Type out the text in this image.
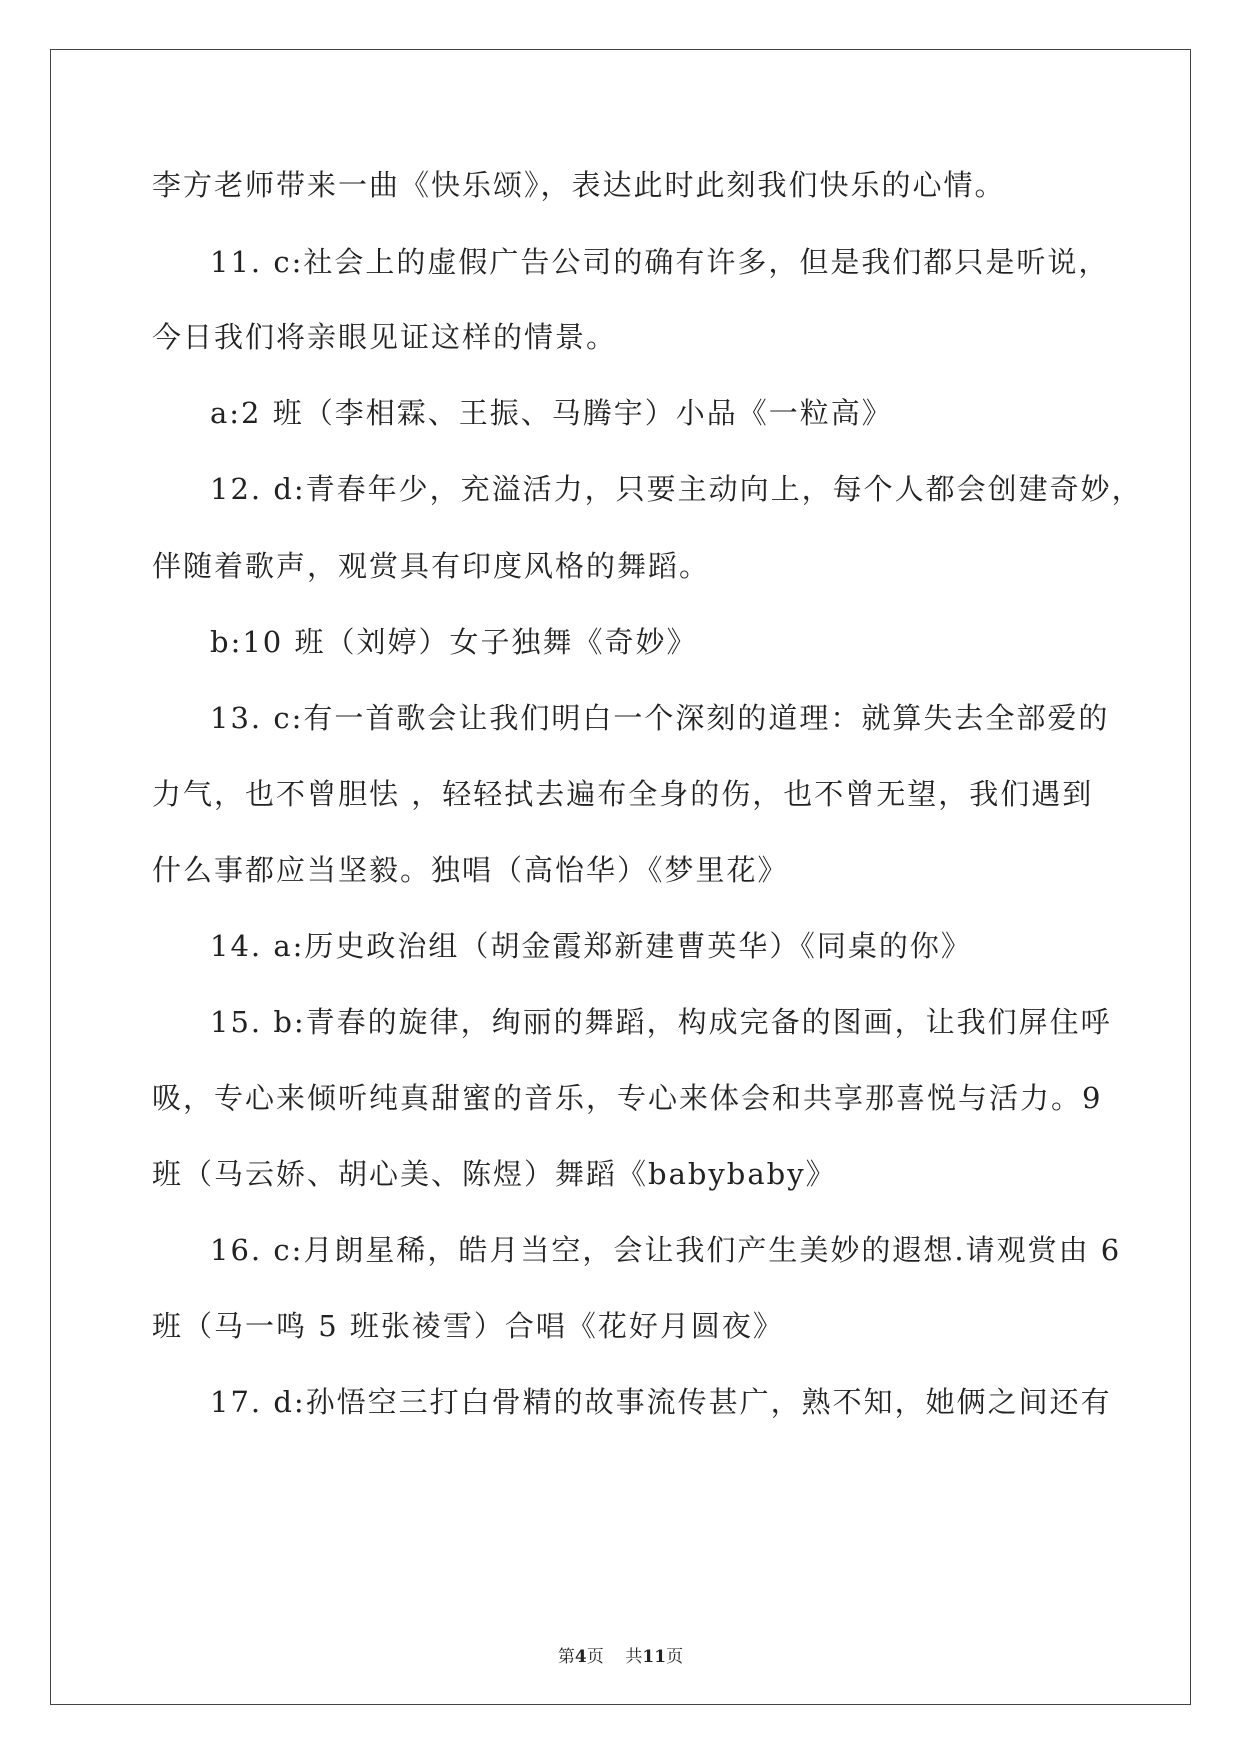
李方老师带来一曲《快乐颂》，表达此时此刻我们快乐的心情。
11. c:社会上的虚假广告公司的确有许多，但是我们都只是听说，
今日我们将亲眼见证这样的情景。
a:2 班（李相霖、王振、马腾宇）小品《一粒高》
12. d:青春年少，充溢活力，只要主动向上，每个人都会创建奇妙，
伴随着歌声，观赏具有印度风格的舞蹈。
b:10 班（刘婷）女子独舞《奇妙》
13. c:有一首歌会让我们明白一个深刻的道理：就算失去全部爱的
力气，也不曾胆怯 ，轻轻拭去遍布全身的伤，也不曾无望，我们遇到
什么事都应当坚毅。独唱（高怡华）《梦里花》
14. a:历史政治组（胡金霞郑新建曹英华）《同桌的你》
15. b:青春的旋律，绚丽的舞蹈，构成完备的图画，让我们屏住呼
吸，专心来倾听纯真甜蜜的音乐，专心来体会和共享那喜悦与活力。9
班（马云娇、胡心美、陈煜）舞蹈《babybaby》
16. c:月朗星稀，皓月当空，会让我们产生美妙的遐想.请观赏由 6
班（马一鸣 5 班张祾雪）合唱《花好月圆夜》
17. d:孙悟空三打白骨精的故事流传甚广，熟不知，她俩之间还有
第4页 共11页
